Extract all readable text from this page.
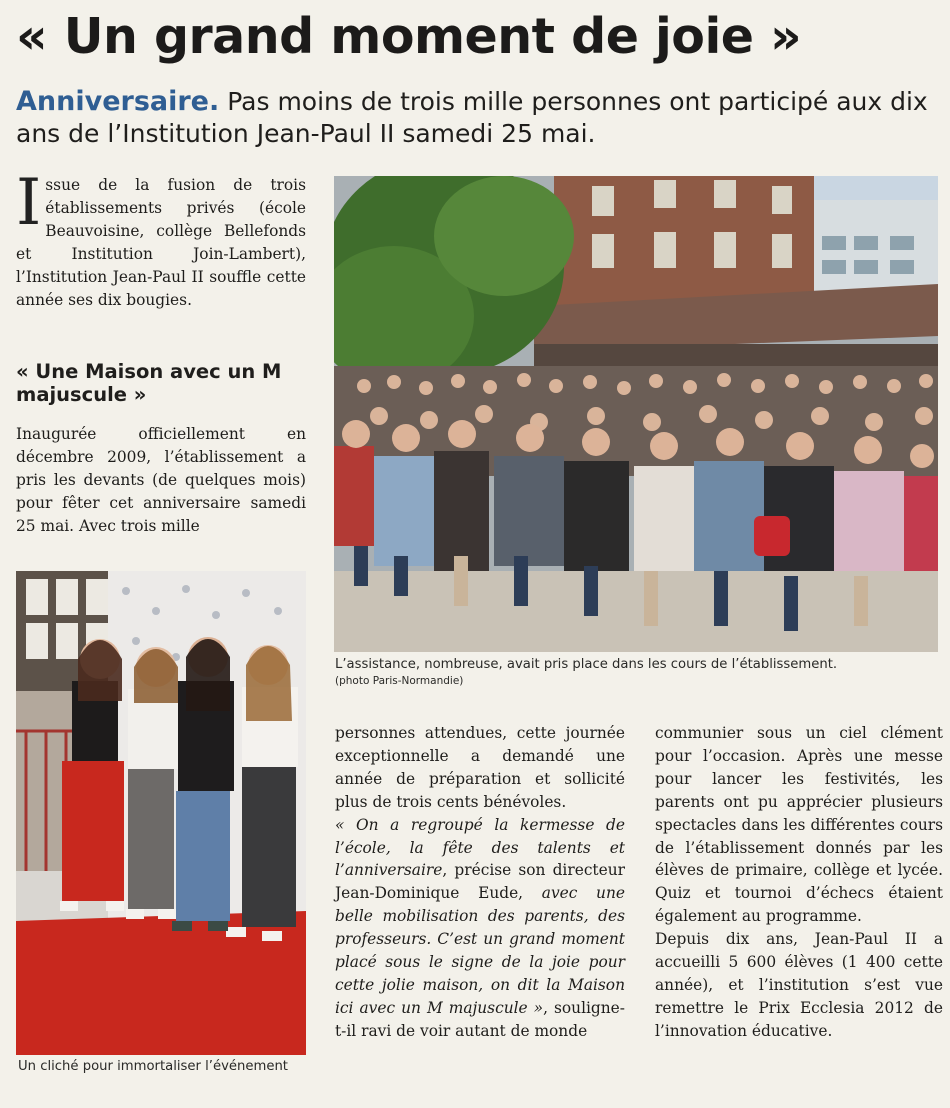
« Un grand moment de joie »
Anniversaire. Pas moins de trois mille personnes ont participé aux dix ans de l’Institution Jean-Paul II samedi 25 mai.
Issue de la fusion de trois établissements privés (école Beauvoisine, collège Bellefonds et Institution Join-Lambert), l’Institution Jean-Paul II souffle cette année ses dix bougies.
« Une Maison avec un M majuscule »
Inaugurée officiellement en décembre 2009, l’établissement a pris les devants (de quelques mois) pour fêter cet anniversaire samedi 25 mai. Avec trois mille
L’assistance, nombreuse, avait pris place dans les cours de l’établissement.
(photo Paris-Normandie)
Un cliché pour immortaliser l’événement

personnes attendues, cette journée exceptionnelle a demandé une année de préparation et sollicité plus de trois cents bénévoles.

« On a regroupé la kermesse de l’école, la fête des talents et l’anniversaire, précise son directeur Jean-Dominique Eude, avec une belle mobilisation des parents, des professeurs. C’est un grand moment placé sous le signe de la joie pour cette jolie maison, on dit la Maison ici avec un M majuscule », souligne-t-il ravi de voir autant de monde

communier sous un ciel clément pour l’occasion. Après une messe pour lancer les festivités, les parents ont pu apprécier plusieurs spectacles dans les différentes cours de l’établissement donnés par les élèves de primaire, collège et lycée. Quiz et tournoi d’échecs étaient également au programme.

Depuis dix ans, Jean-Paul II a accueilli 5 600 élèves (1 400 cette année), et l’institution s’est vue remettre le Prix Ecclesia 2012 de l’innovation éducative.
